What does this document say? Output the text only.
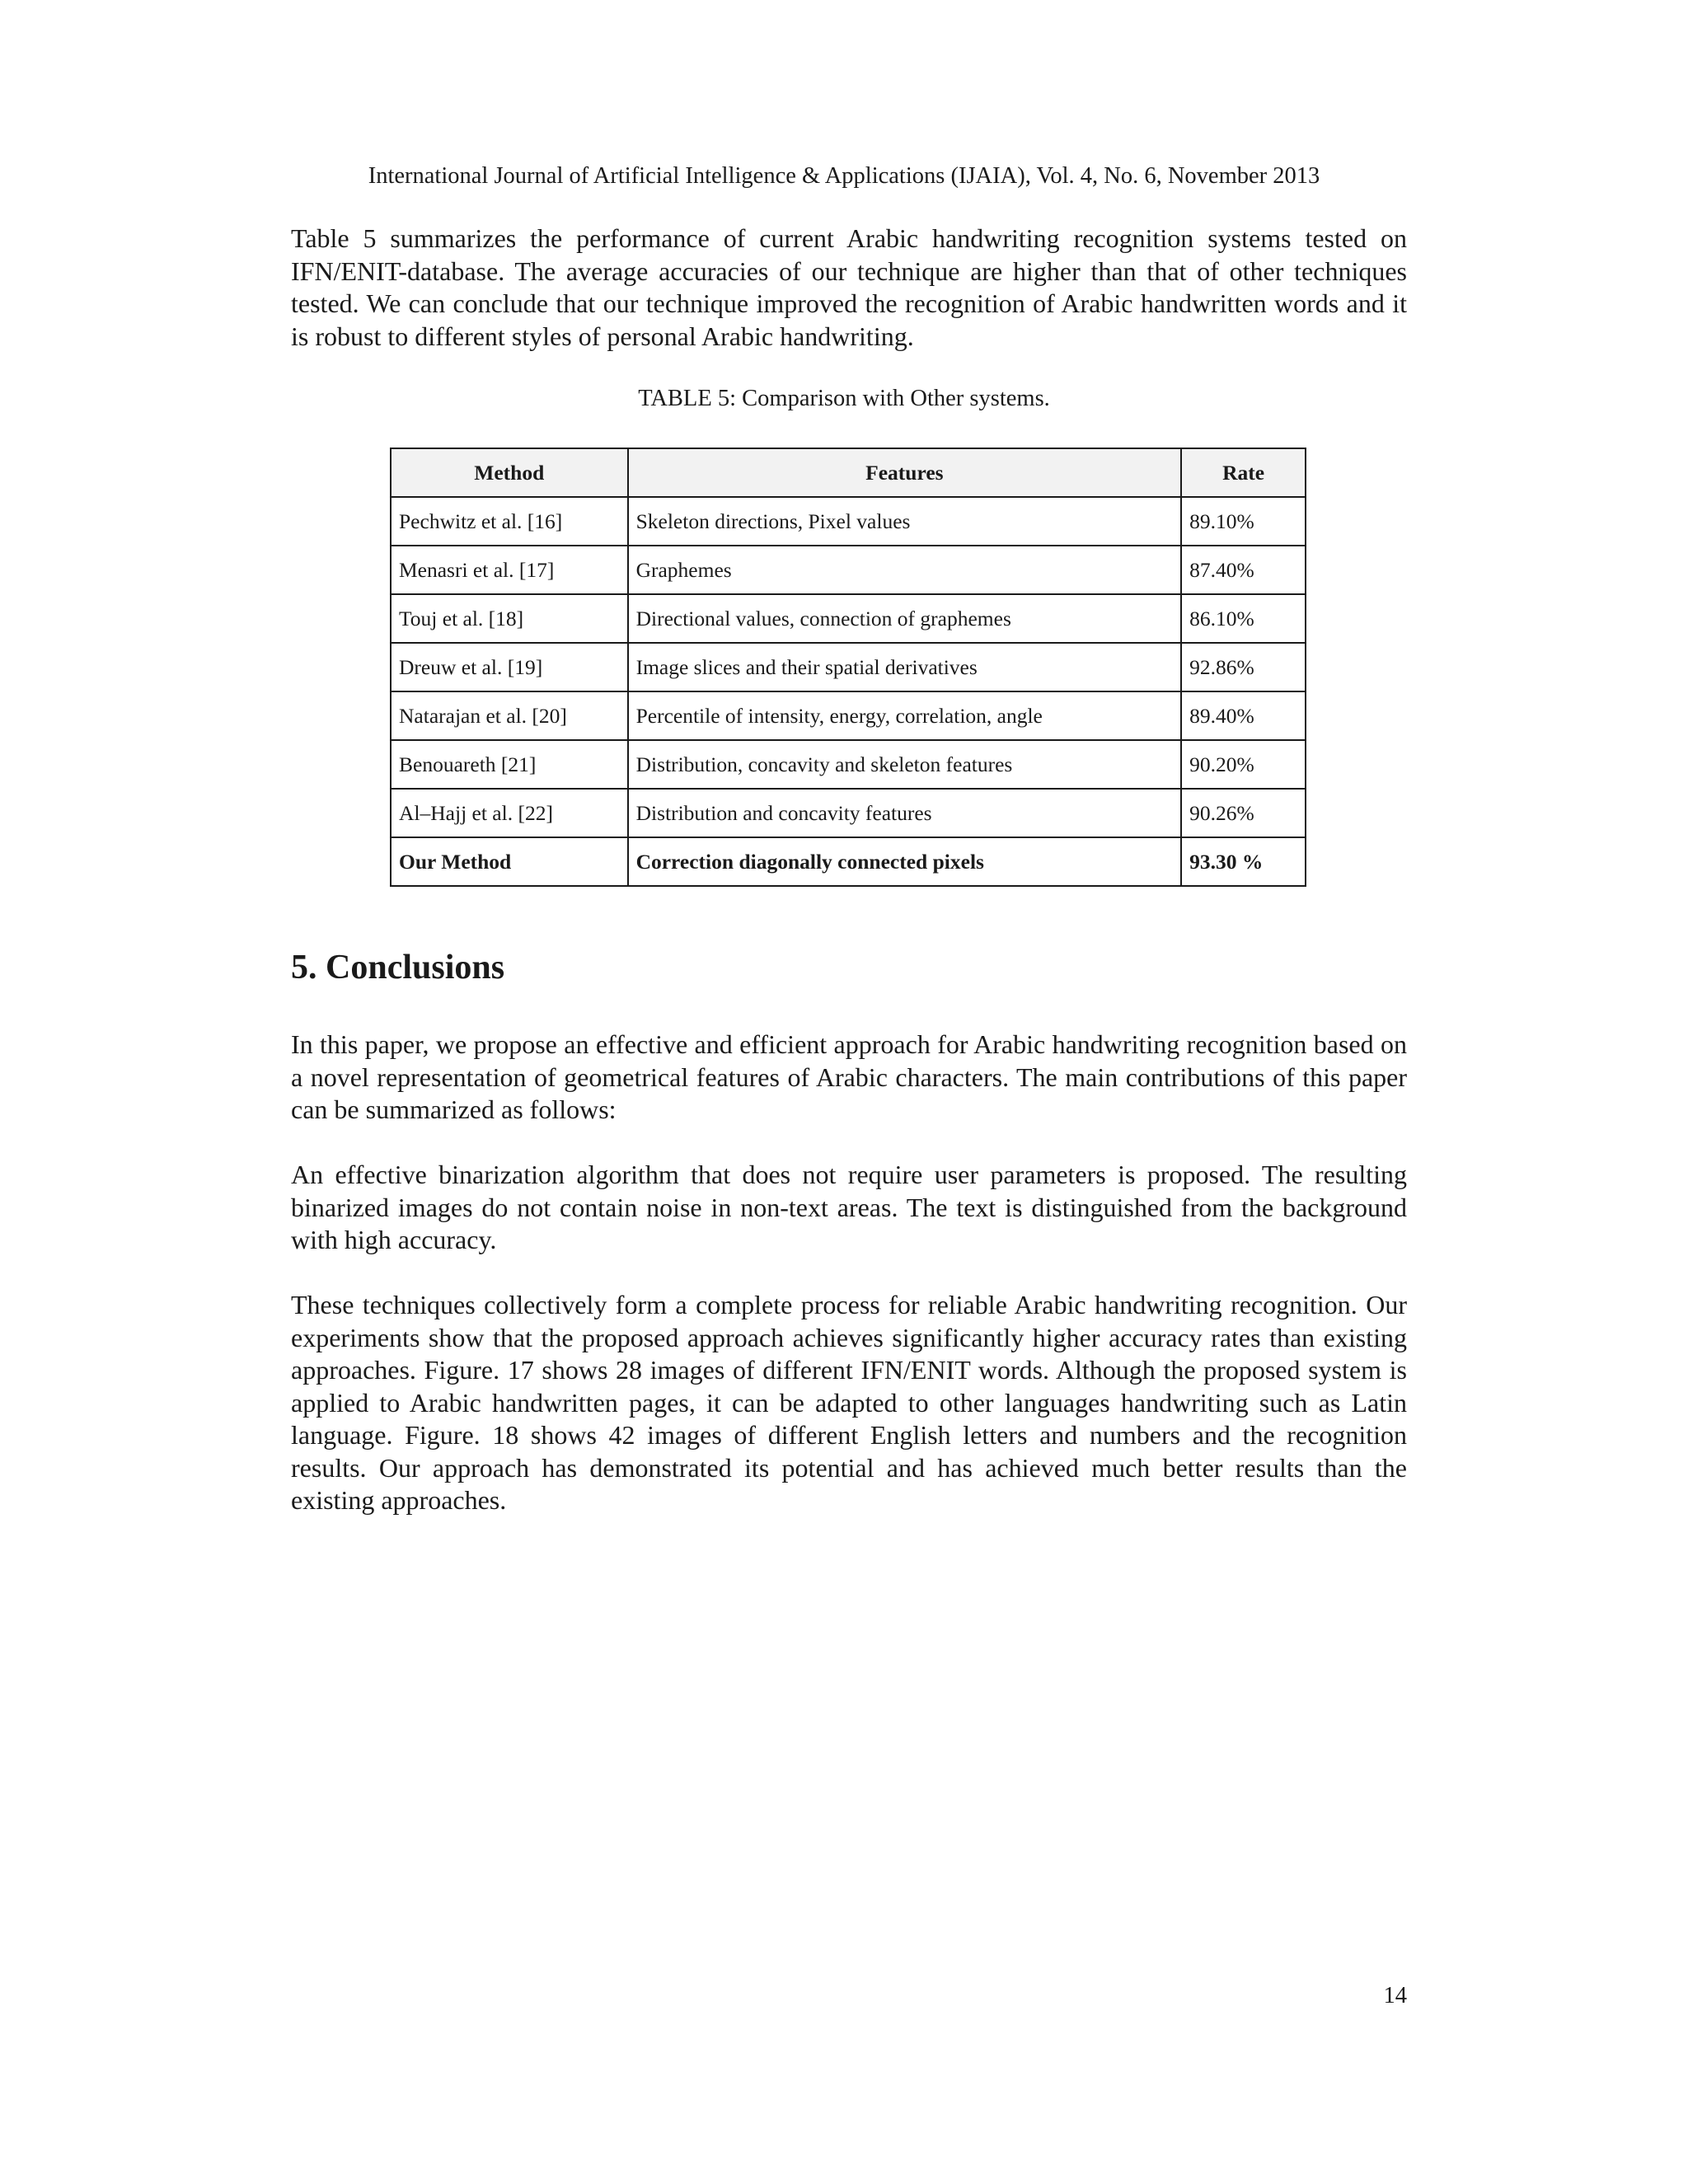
International Journal of Artificial Intelligence & Applications (IJAIA), Vol. 4, No. 6, November 2013

Table 5 summarizes the performance of current Arabic handwriting recognition systems tested on IFN/ENIT-database. The average accuracies of our technique are higher than that of other techniques tested. We can conclude that our technique improved the recognition of Arabic handwritten words and it is robust to different styles of personal Arabic handwriting.

TABLE 5: Comparison with Other systems.
Method	Features	Rate
Pechwitz et al. [16]	Skeleton directions, Pixel values	89.10%
Menasri et al. [17]	Graphemes	87.40%
Touj et al. [18]	Directional values, connection of graphemes	86.10%
Dreuw et al. [19]	Image slices and their spatial derivatives	92.86%
Natarajan et al. [20]	Percentile of intensity, energy, correlation, angle	89.40%
Benouareth [21]	Distribution, concavity and skeleton features	90.20%
Al–Hajj et al. [22]	Distribution and concavity features	90.26%
Our Method	Correction diagonally connected pixels	93.30 %
5. Conclusions

In this paper, we propose an effective and efficient approach for Arabic handwriting recognition based on a novel representation of geometrical features of Arabic characters. The main contributions of this paper can be summarized as follows:

An effective binarization algorithm that does not require user parameters is proposed. The resulting binarized images do not contain noise in non-text areas. The text is distinguished from the background with high accuracy.

These techniques collectively form a complete process for reliable Arabic handwriting recognition. Our experiments show that the proposed approach achieves significantly higher accuracy rates than existing approaches. Figure. 17 shows 28 images of different IFN/ENIT words. Although the proposed system is applied to Arabic handwritten pages, it can be adapted to other languages handwriting such as Latin language. Figure. 18 shows 42 images of different English letters and numbers and the recognition results. Our approach has demonstrated its potential and has achieved much better results than the existing approaches.

14
